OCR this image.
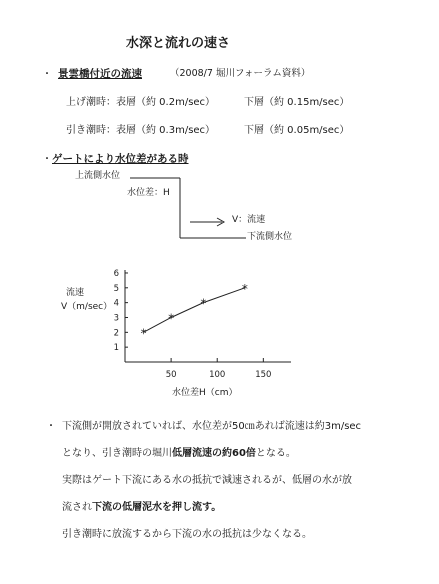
水深と流れの速さ
・ 景雲橋付近の流速	（2008/7 堀川フォーラム資料）
上げ潮時：表層（約 0.2m/sec）	下層（約 0.15m/sec）
引き潮時：表層（約 0.3m/sec）	下層（約 0.05m/sec）
・ ゲートにより水位差がある時
上流側水位
水位差：H
V：流速
下流側水位
流速
V（m/sec）
1
2
3
4
5
6
50	100	150
*
*
*
*
水位差H（cm）
・ 下流側が開放されていれば、水位差が50㎝あれば流速は約3m/sec
となり、引き潮時の堀川低層流速の約60倍となる。
実際はゲート下流にある水の抵抗で減速されるが、低層の水が放
流され下流の低層泥水を押し流す。
引き潮時に放流するから下流の水の抵抗は少なくなる。
